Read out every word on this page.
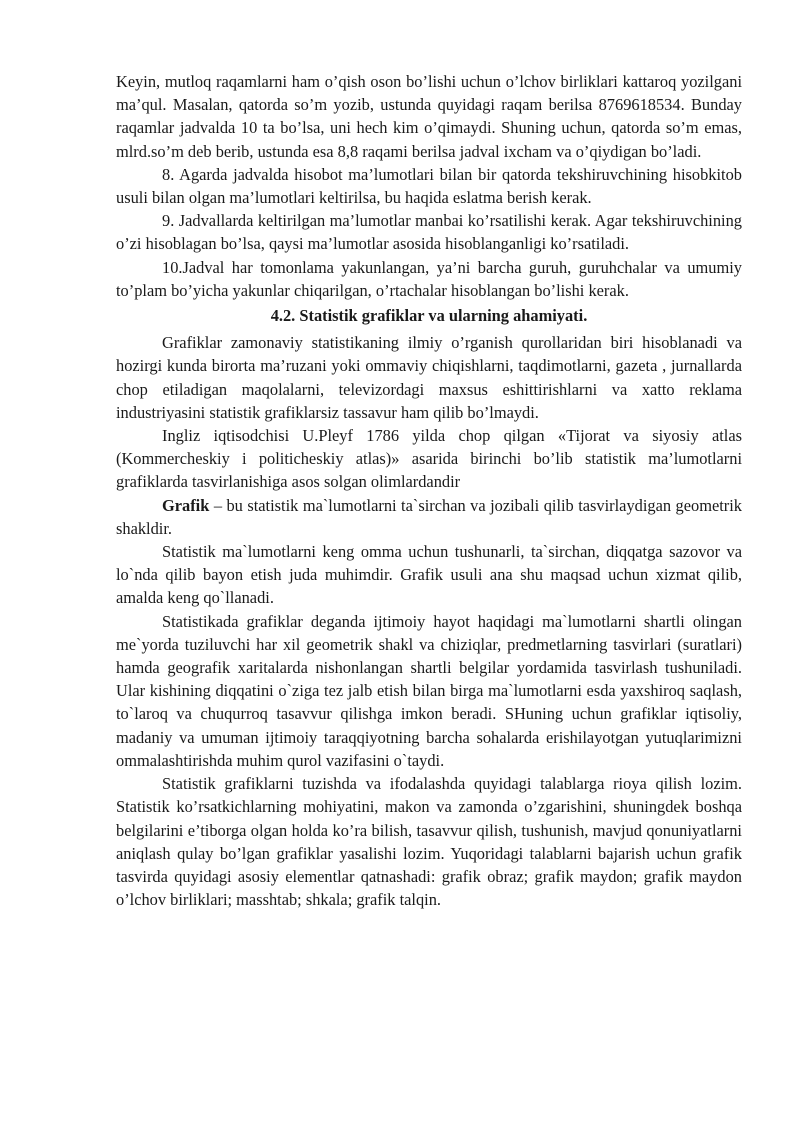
Keyin, mutloq raqamlarni ham o’qish oson bo’lishi uchun o’lchov birliklari kattaroq yozilgani ma’qul. Masalan, qatorda so’m yozib, ustunda quyidagi raqam berilsa 8769618534. Bunday raqamlar jadvalda 10 ta bo’lsa, uni hech kim o’qimaydi. Shuning uchun, qatorda so’m emas, mlrd.so’m deb berib, ustunda esa 8,8 raqami berilsa jadval ixcham va o’qiydigan bo’ladi.

8. Agarda jadvalda hisobot ma’lumotlari bilan bir qatorda tekshiruvchining hisobkitob usuli bilan olgan ma’lumotlari keltirilsa, bu haqida eslatma berish kerak.

9. Jadvallarda keltirilgan ma’lumotlar manbai ko’rsatilishi kerak. Agar tekshiruvchining o’zi hisoblagan bo’lsa, qaysi ma’lumotlar asosida hisoblanganligi ko’rsatiladi.

10.Jadval har tomonlama yakunlangan, ya’ni barcha guruh, guruhchalar va umumiy to’plam bo’yicha yakunlar chiqarilgan, o’rtachalar hisoblangan bo’lishi kerak.

4.2. Statistik grafiklar va ularning ahamiyati.

Grafiklar zamonaviy statistikaning ilmiy o’rganish qurollaridan biri hisoblanadi va hozirgi kunda birorta ma’ruzani yoki ommaviy chiqishlarni, taqdimotlarni, gazeta , jurnallarda chop etiladigan maqolalarni, televizordagi maxsus eshittirishlarni va xatto reklama industriyasini statistik grafiklarsiz tassavur ham qilib bo’lmaydi.

Ingliz iqtisodchisi U.Pleyf 1786 yilda chop qilgan «Tijorat va siyosiy atlas (Kommercheskiy i politicheskiy atlas)» asarida birinchi bo’lib statistik ma’lumotlarni grafiklarda tasvirlanishiga asos solgan olimlardandir

Grafik – bu statistik ma`lumotlarni ta`sirchan va jozibali qilib tasvirlaydigan geometrik shakldir.

Statistik ma`lumotlarni keng omma uchun tushunarli, ta`sirchan, diqqatga sazovor va lo`nda qilib bayon etish juda muhimdir. Grafik usuli ana shu maqsad uchun xizmat qilib, amalda keng qo`llanadi.

Statistikada grafiklar deganda ijtimoiy hayot haqidagi ma`lumotlarni shartli olingan me`yorda tuziluvchi har xil geometrik shakl va chiziqlar, predmetlarning tasvirlari (suratlari) hamda geografik xaritalarda nishonlangan shartli belgilar yordamida tasvirlash tushuniladi. Ular kishining diqqatini o`ziga tez jalb etish bilan birga ma`lumotlarni esda yaxshiroq saqlash, to`laroq va chuqurroq tasavvur qilishga imkon beradi. SHuning uchun grafiklar iqtisoliy, madaniy va umuman ijtimoiy taraqqiyotning barcha sohalarda erishilayotgan yutuqlarimizni ommalashtirishda muhim qurol vazifasini o`taydi.

Statistik grafiklarni tuzishda va ifodalashda quyidagi talablarga rioya qilish lozim. Statistik ko’rsatkichlarning mohiyatini, makon va zamonda o’zgarishini, shuningdek boshqa belgilarini e’tiborga olgan holda ko’ra bilish, tasavvur qilish, tushunish, mavjud qonuniyatlarni aniqlash qulay bo’lgan grafiklar yasalishi lozim. Yuqoridagi talablarni bajarish uchun grafik tasvirda quyidagi asosiy elementlar qatnashadi: grafik obraz; grafik maydon; grafik maydon o’lchov birliklari; masshtab; shkala; grafik talqin.
